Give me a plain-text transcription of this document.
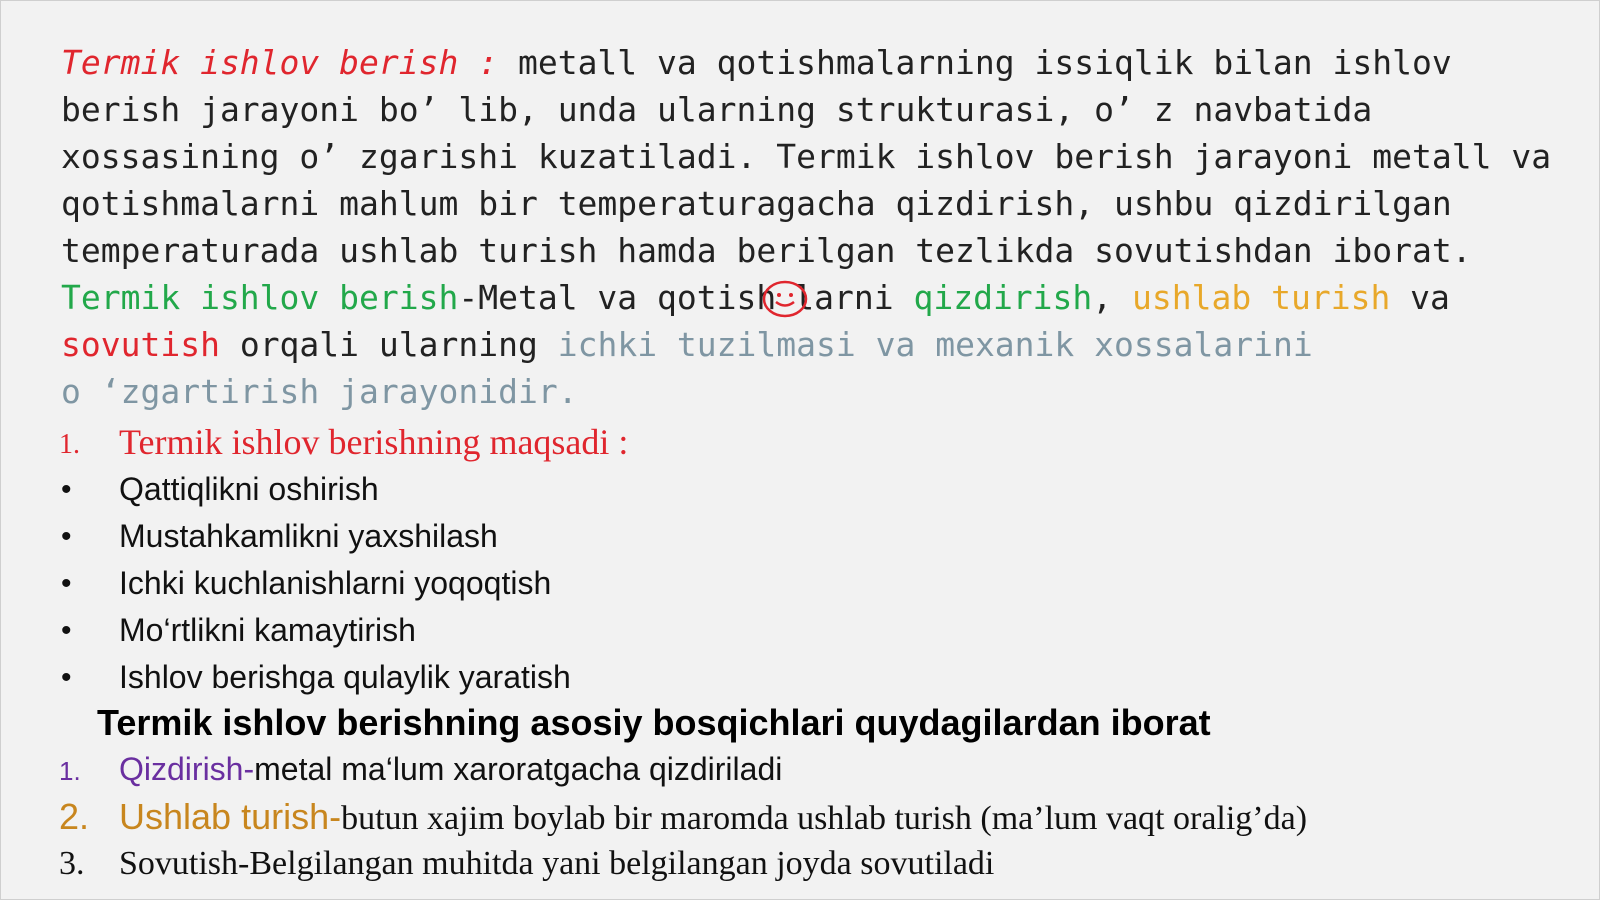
Termik ishlov berish : metall va qotishmalarning issiqlik bilan ishlov
berish jarayoni bo’ lib, unda ularning strukturasi, o’ z navbatida
xossasining o’ zgarishi kuzatiladi. Termik ishlov berish jarayoni metall va
qotishmalarni mahlum bir temperaturagacha qizdirish, ushbu qizdirilgan
temperaturada ushlab turish hamda berilgan tezlikda sovutishdan iborat.
Termik ishlov berish-Metal va qotish larni qizdirish, ushlab turish va
sovutish orqali ularning ichki tuzilmasi va mexanik xossalarini
o ‘zgartirish jarayonidir.
1. Termik ishlov berishning maqsadi :
• Qattiqlikni oshirish
• Mustahkamlikni yaxshilash
• Ichki kuchlanishlarni yoqoqtish
• Mo‘rtlikni kamaytirish
• Ishlov berishga qulaylik yaratish
Termik ishlov berishning asosiy bosqichlari quydagilardan iborat
1. Qizdirish-metal ma‘lum xaroratgacha qizdiriladi
2. Ushlab turish-butun xajim boylab bir maromda ushlab turish (ma’lum vaqt oralig’da)
3. Sovutish-Belgilangan muhitda yani belgilangan joyda sovutiladi
